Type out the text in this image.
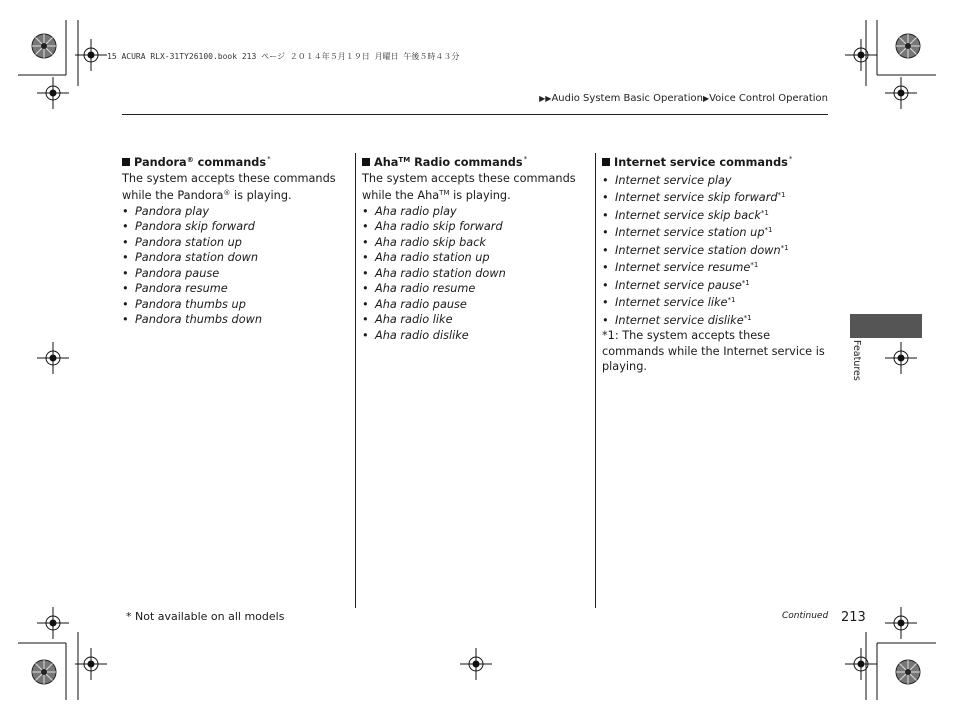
15 ACURA RLX-31TY26100.book 213 ページ ２０１４年５月１９日 月曜日 午後５時４３分
▶▶Audio System Basic Operation▶Voice Control Operation
Pandora® commands*

The system accepts these commands while the Pandora® is playing.

• Pandora play
• Pandora skip forward
• Pandora station up
• Pandora station down
• Pandora pause
• Pandora resume
• Pandora thumbs up
• Pandora thumbs down
Aha™ Radio commands*

The system accepts these commands while the Aha™ is playing.

• Aha radio play
• Aha radio skip forward
• Aha radio skip back
• Aha radio station up
• Aha radio station down
• Aha radio resume
• Aha radio pause
• Aha radio like
• Aha radio dislike
Internet service commands*
• Internet service play
• Internet service skip forward$^{*1}$
• Internet service skip back$^{*1}$
• Internet service station up$^{*1}$
• Internet service station down$^{*1}$
• Internet service resume$^{*1}$
• Internet service pause$^{*1}$
• Internet service like$^{*1}$
• Internet service dislike$^{*1}$

*1: The system accepts these commands while the Internet service is playing.	Features
* Not available on all models	Continued 213
